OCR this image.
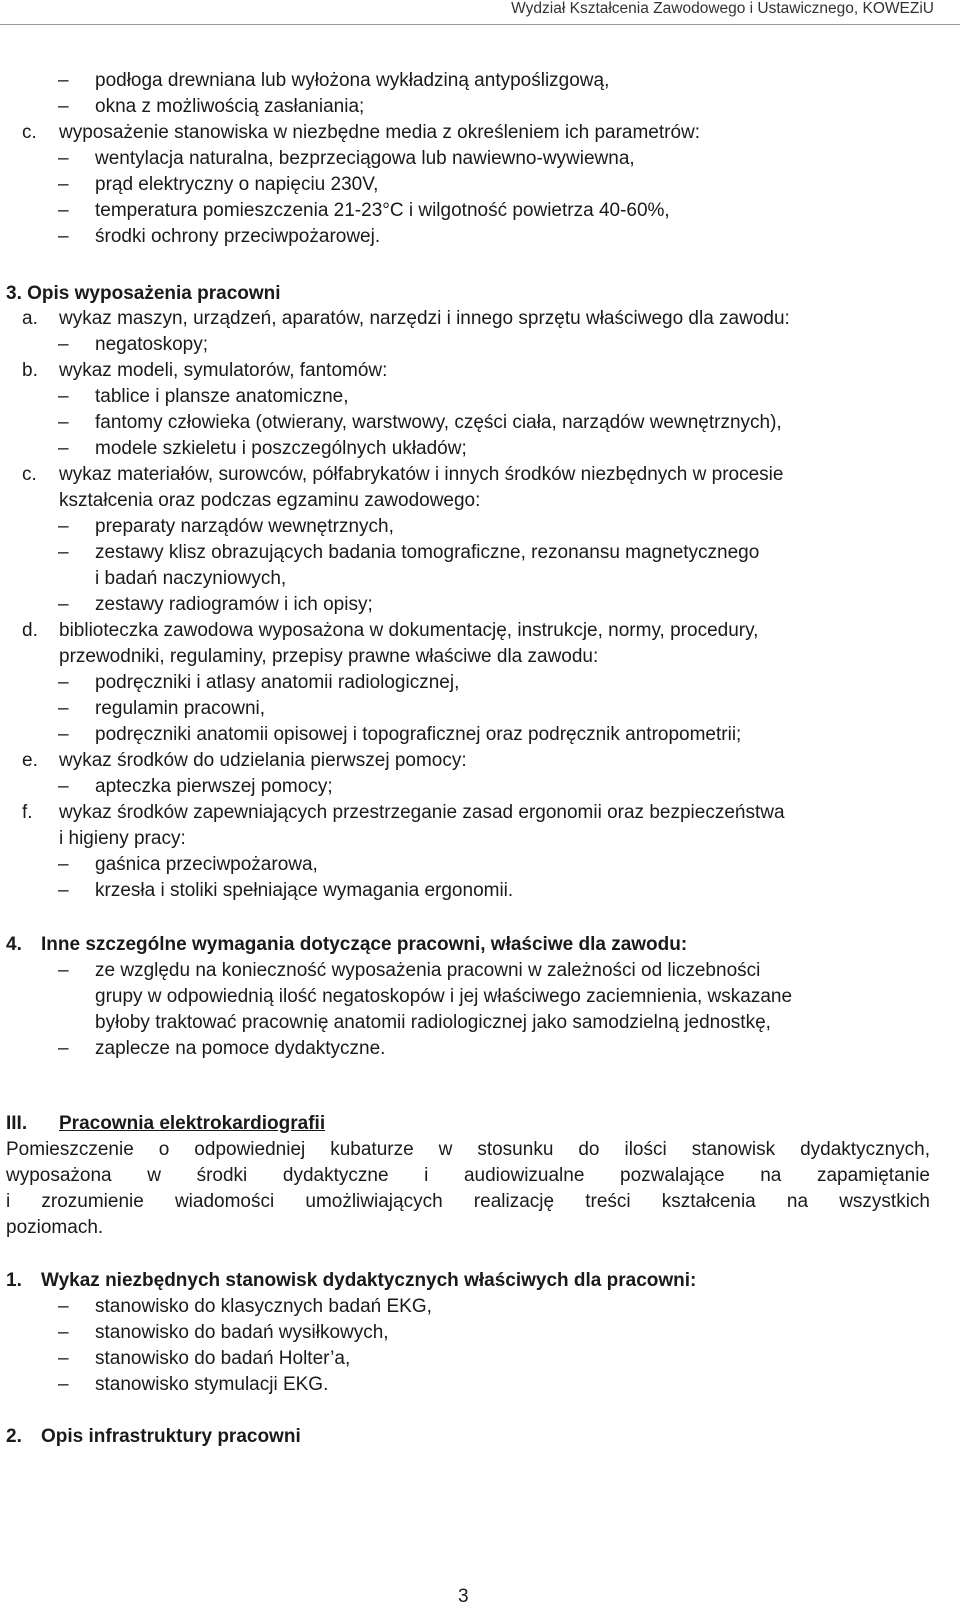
Wydział Kształcenia Zawodowego i Ustawicznego, KOWEZiU
– podłoga drewniana lub wyłożona wykładziną antypoślizgową,
– okna z możliwością zasłaniania;
c. wyposażenie stanowiska w niezbędne media z określeniem ich parametrów:
– wentylacja naturalna, bezprzeciągowa lub nawiewno-wywiewna,
– prąd elektryczny o napięciu 230V,
– temperatura pomieszczenia 21-23°C i wilgotność powietrza 40-60%,
– środki ochrony przeciwpożarowej.
3. Opis wyposażenia pracowni
a. wykaz maszyn, urządzeń, aparatów, narzędzi i innego sprzętu właściwego dla zawodu:
– negatoskopy;
b. wykaz modeli, symulatorów, fantomów:
– tablice i plansze anatomiczne,
– fantomy człowieka (otwierany, warstwowy, części ciała, narządów wewnętrznych),
– modele szkieletu i poszczególnych układów;
c. wykaz materiałów, surowców, półfabrykatów i innych środków niezbędnych w procesie
kształcenia oraz podczas egzaminu zawodowego:
– preparaty narządów wewnętrznych,
– zestawy klisz obrazujących badania tomograficzne, rezonansu magnetycznego
i badań naczyniowych,
– zestawy radiogramów i ich opisy;
d. biblioteczka zawodowa wyposażona w dokumentację, instrukcje, normy, procedury,
przewodniki, regulaminy, przepisy prawne właściwe dla zawodu:
– podręczniki i atlasy anatomii radiologicznej,
– regulamin pracowni,
– podręczniki anatomii opisowej i topograficznej oraz podręcznik antropometrii;
e. wykaz środków do udzielania pierwszej pomocy:
– apteczka pierwszej pomocy;
f. wykaz środków zapewniających przestrzeganie zasad ergonomii oraz bezpieczeństwa
i higieny pracy:
– gaśnica przeciwpożarowa,
– krzesła i stoliki spełniające wymagania ergonomii.
4. Inne szczególne wymagania dotyczące pracowni, właściwe dla zawodu:
– ze względu na konieczność wyposażenia pracowni w zależności od liczebności
grupy w odpowiednią ilość negatoskopów i jej właściwego zaciemnienia, wskazane
byłoby traktować pracownię anatomii radiologicznej jako samodzielną jednostkę,
– zaplecze na pomoce dydaktyczne.
III. Pracownia elektrokardiografii
Pomieszczenie o odpowiedniej kubaturze w stosunku do ilości stanowisk dydaktycznych,
wyposażona w środki dydaktyczne i audiowizualne pozwalające na zapamiętanie
i zrozumienie wiadomości umożliwiających realizację treści kształcenia na wszystkich
poziomach.
1. Wykaz niezbędnych stanowisk dydaktycznych właściwych dla pracowni:
– stanowisko do klasycznych badań EKG,
– stanowisko do badań wysiłkowych,
– stanowisko do badań Holter’a,
– stanowisko stymulacji EKG.
2. Opis infrastruktury pracowni
3
